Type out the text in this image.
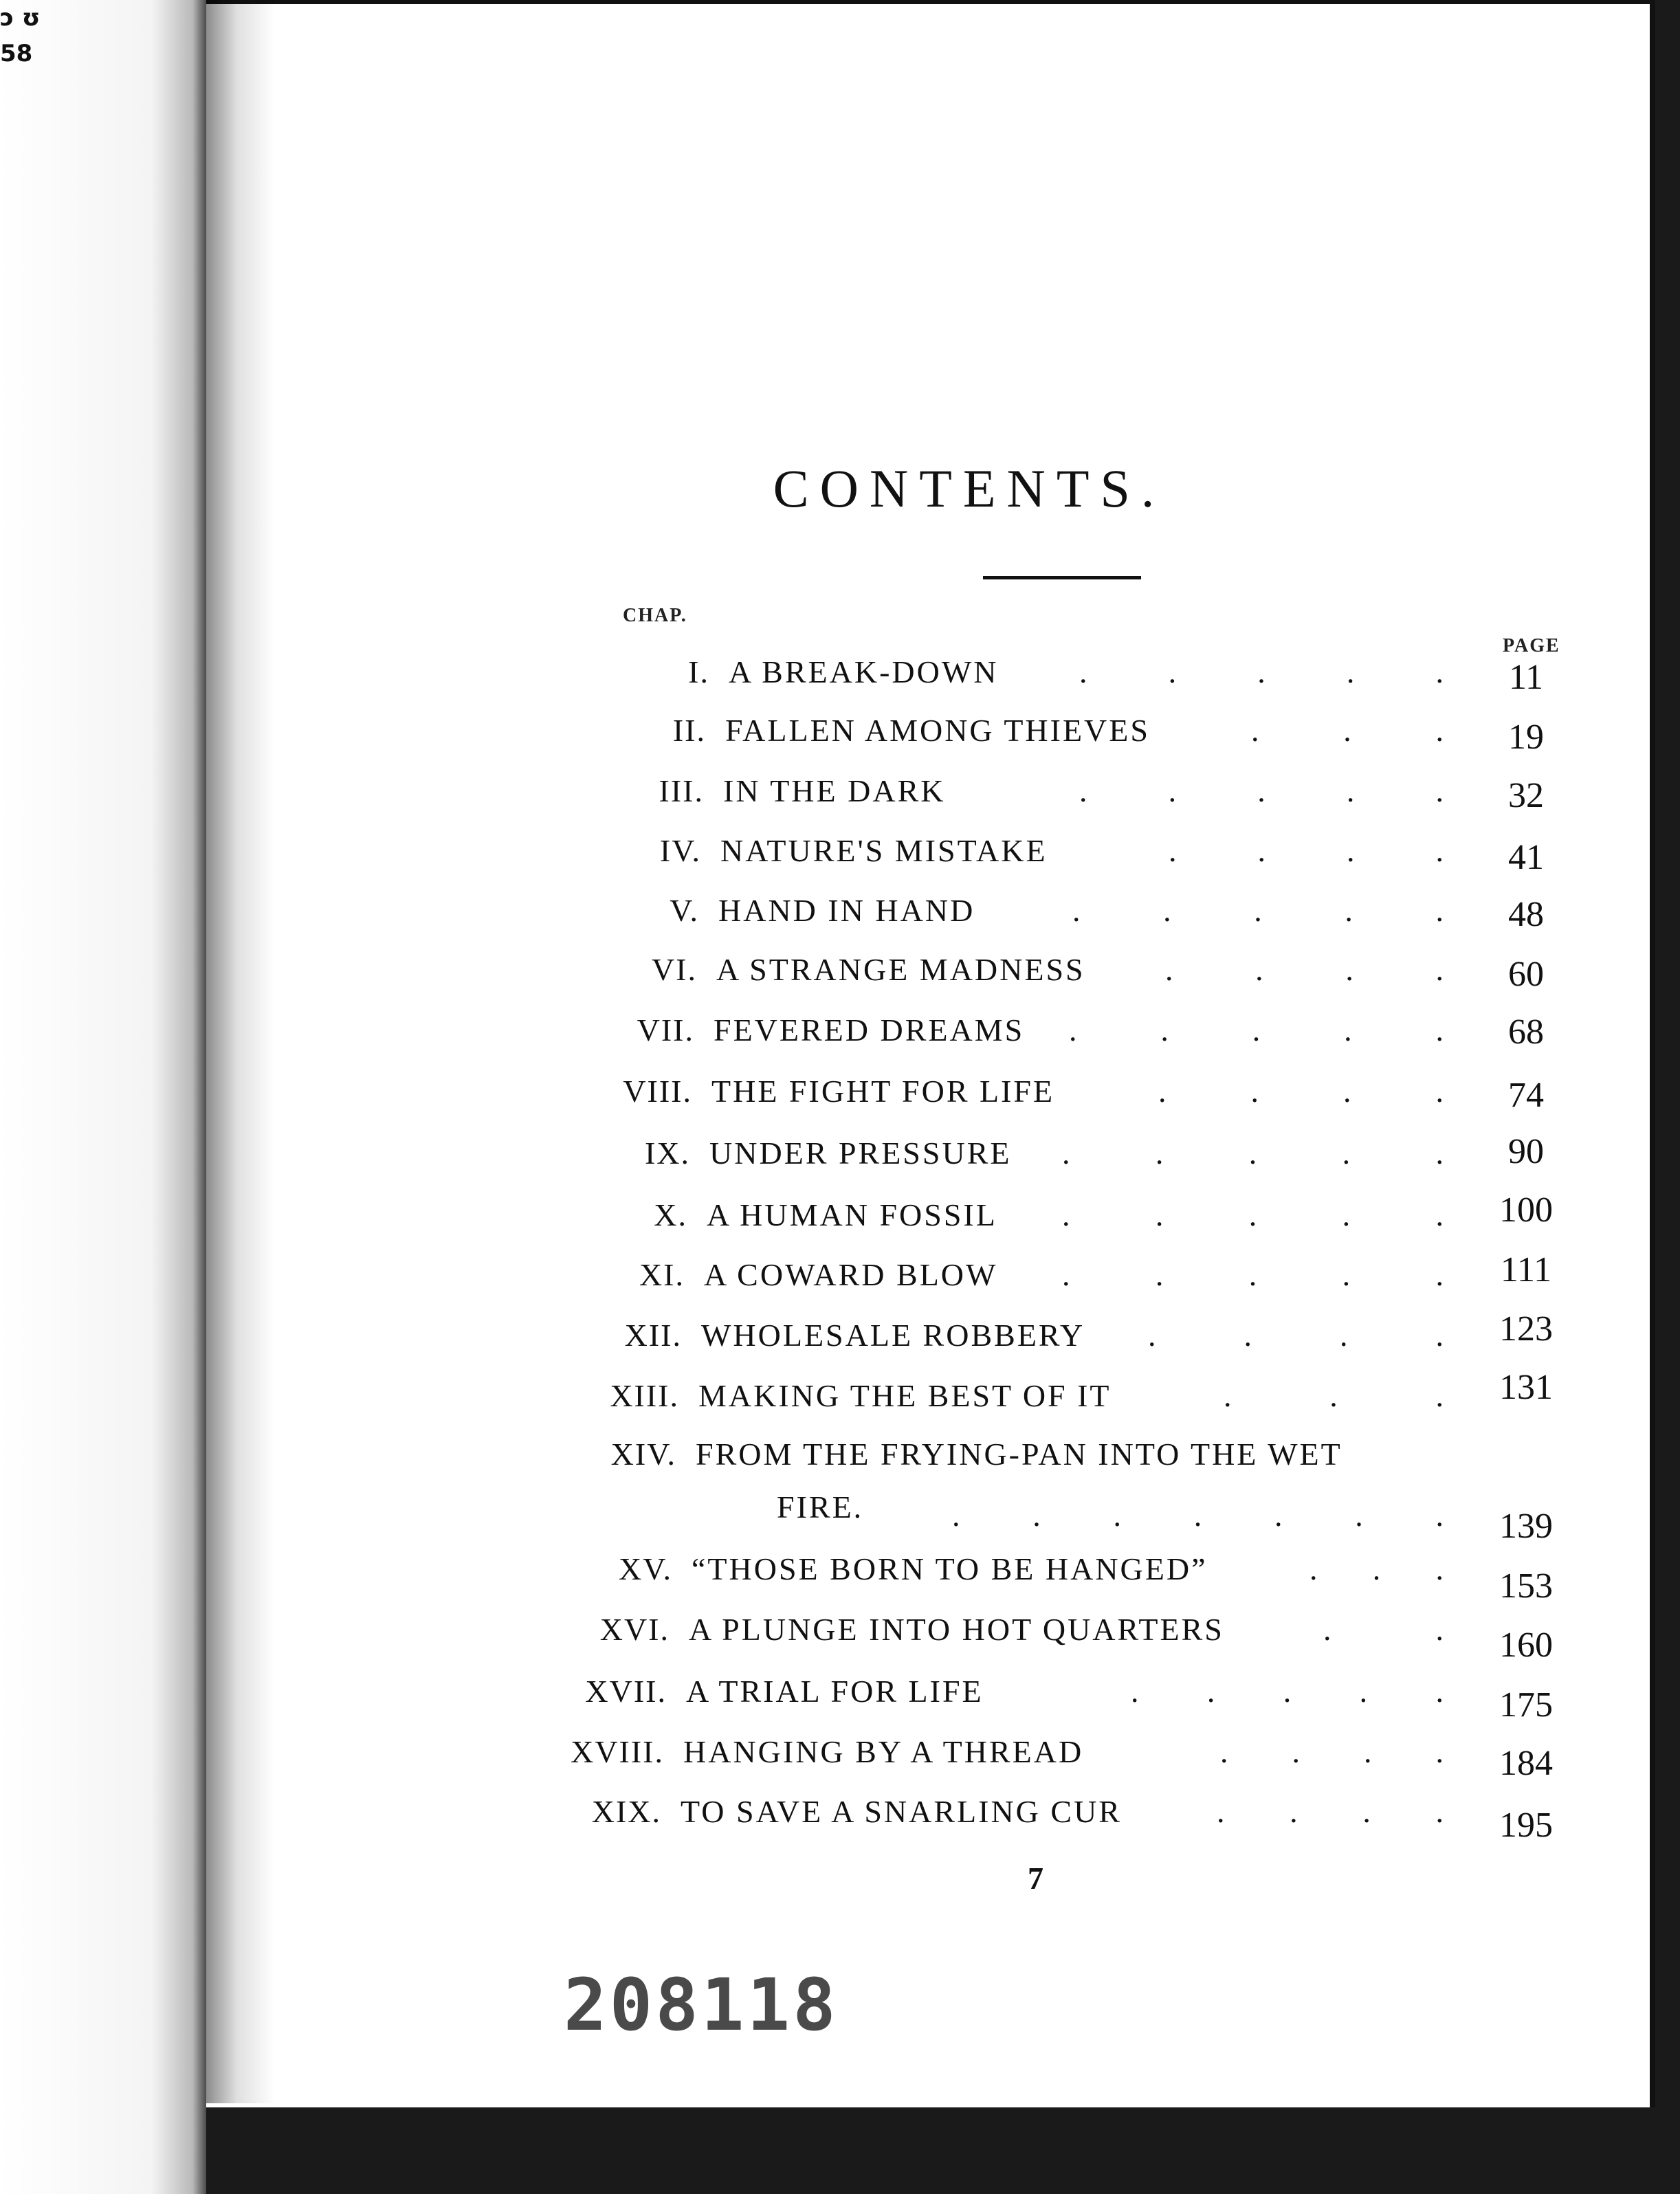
ɔ ʊ
58
CONTENTS.
CHAP.
PAGE
I. A BREAK-DOWN	.	.	.	.	.	11
II. FALLEN AMONG THIEVES	.	.	.	19
III. IN THE DARK	.	.	.	.	.	32
IV. NATURE'S MISTAKE	.	.	.	.	41
V. HAND IN HAND	.	.	.	.	.	48
VI. A STRANGE MADNESS	.	.	.	.	60
VII. FEVERED DREAMS .	.	.	.	.	68
VIII. THE FIGHT FOR LIFE	.	.	.	.	74
IX. UNDER PRESSURE .	.	.	.	.	90
X. A HUMAN FOSSIL .	.	.	.	.	100
XI. A COWARD BLOW .	.	.	.	.	111
XII. WHOLESALE ROBBERY .	.	.	.	123
XIII. MAKING THE BEST OF IT	.	.	.	131
XIV. FROM THE FRYING-PAN INTO THE WET
FIRE.	. . . . . . .	139
XV. “THOSE BORN TO BE HANGED”	. . .	153
XVI. A PLUNGE INTO HOT QUARTERS	.	.	160
XVII. A TRIAL FOR LIFE	. . . . .	175
XVIII. HANGING BY A THREAD	. . . .	184
XIX. TO SAVE A SNARLING CUR	. . . .	195
7
208118
